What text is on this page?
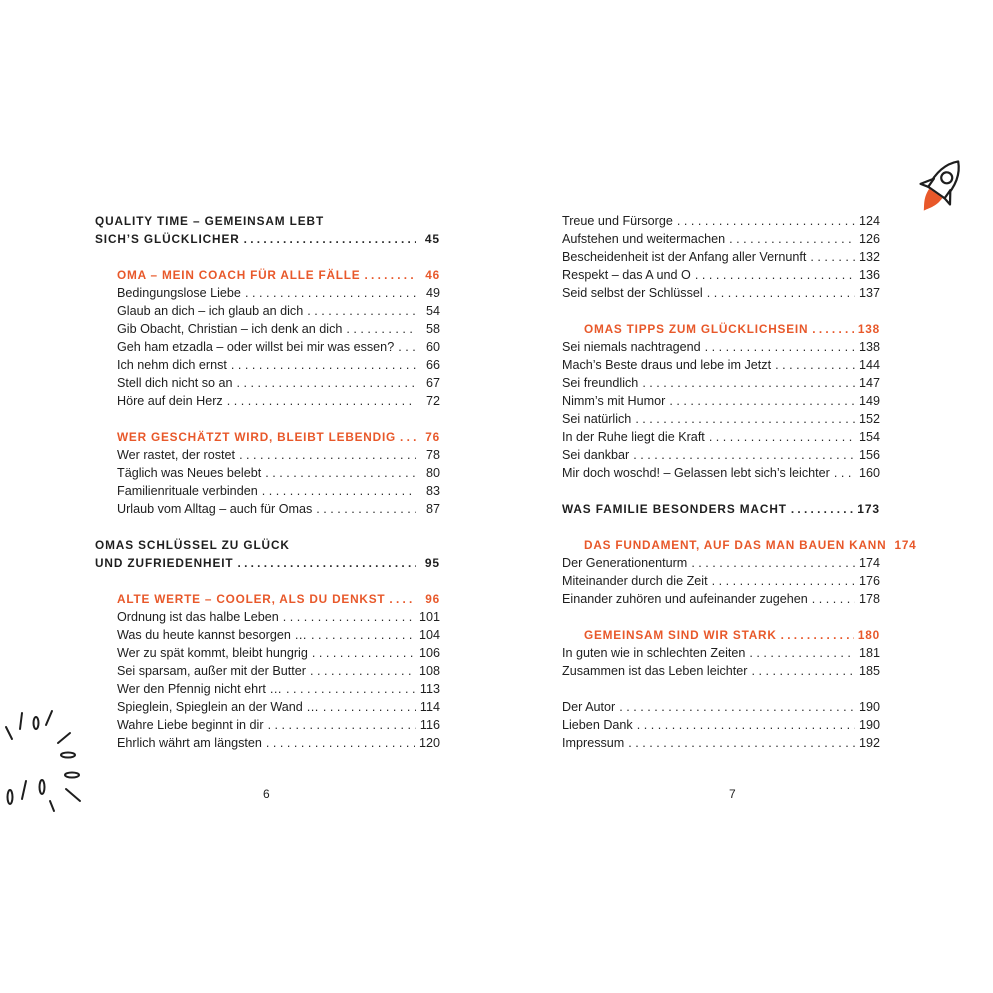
QUALITY TIME – GEMEINSAM LEBT
SICH’S GLÜCKLICHER . . .	45
OMA – MEIN COACH FÜR ALLE FÄLLE . . .	46
Bedingungslose Liebe . . .	49
Glaub an dich – ich glaub an dich . . .	54
Gib Obacht, Christian – ich denk an dich . . .	58
Geh ham etzadla – oder willst bei mir was essen? . . .	60
Ich nehm dich ernst . . .	66
Stell dich nicht so an . . .	67
Höre auf dein Herz . . .	72
WER GESCHÄTZT WIRD, BLEIBT LEBENDIG . . .	76
Wer rastet, der rostet . . .	78
Täglich was Neues belebt . . .	80
Familienrituale verbinden . . .	83
Urlaub vom Alltag – auch für Omas . . .	87
OMAS SCHLÜSSEL ZU GLÜCK
UND ZUFRIEDENHEIT . . .	95
ALTE WERTE – COOLER, ALS DU DENKST . . .	96
Ordnung ist das halbe Leben . . .	101
Was du heute kannst besorgen … . . .	104
Wer zu spät kommt, bleibt hungrig . . .	106
Sei sparsam, außer mit der Butter . . .	108
Wer den Pfennig nicht ehrt … . . .	113
Spieglein, Spieglein an der Wand … . . .	114
Wahre Liebe beginnt in dir . . .	116
Ehrlich währt am längsten . . .	120
Treue und Fürsorge . . .	124
Aufstehen und weitermachen . . .	126
Bescheidenheit ist der Anfang aller Vernunft . . .	132
Respekt – das A und O . . .	136
Seid selbst der Schlüssel . . .	137
OMAS TIPPS ZUM GLÜCKLICHSEIN . . .	138
Sei niemals nachtragend . . .	138
Mach’s Beste draus und lebe im Jetzt . . .	144
Sei freundlich . . .	147
Nimm’s mit Humor . . .	149
Sei natürlich . . .	152
In der Ruhe liegt die Kraft . . .	154
Sei dankbar . . .	156
Mir doch woschd! – Gelassen lebt sich’s leichter . . . 160
WAS FAMILIE BESONDERS MACHT . . .	173
DAS FUNDAMENT, AUF DAS MAN BAUEN KANN 174
Der Generationenturm . . .	174
Miteinander durch die Zeit . . .	176
Einander zuhören und aufeinander zugehen . . .	178
GEMEINSAM SIND WIR STARK . . .	180
In guten wie in schlechten Zeiten . . .	181
Zusammen ist das Leben leichter . . .	185
Der Autor . . .	190
Lieben Dank . . .	190
Impressum . . .	192
6	7
